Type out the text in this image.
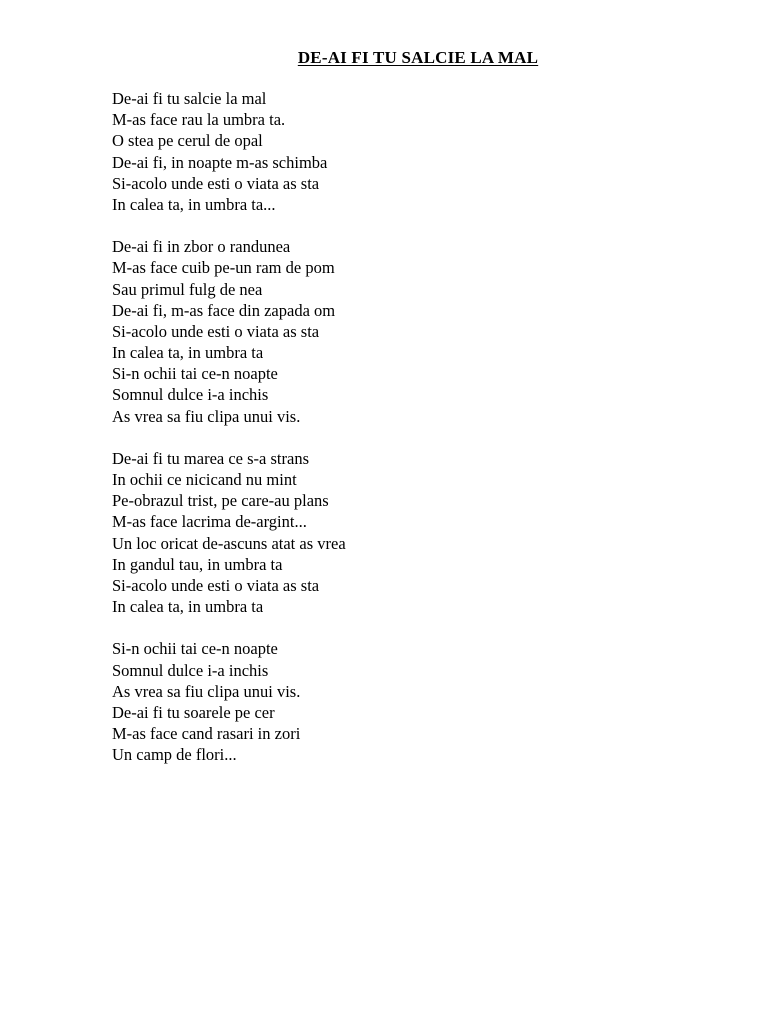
DE-AI FI TU SALCIE LA MAL
De-ai fi tu salcie la mal
M-as face rau la umbra ta.
O stea pe cerul de opal
De-ai fi, in noapte m-as schimba
Si-acolo unde esti o viata as sta
In calea ta, in umbra ta...
De-ai fi in zbor o randunea
M-as face cuib pe-un ram de pom
Sau primul fulg de nea
De-ai fi, m-as face din zapada om
Si-acolo unde esti o viata as sta
In calea ta, in umbra ta
Si-n ochii tai ce-n noapte
Somnul dulce i-a inchis
As vrea sa fiu clipa unui vis.
De-ai fi tu marea ce s-a strans
In ochii ce nicicand nu mint
Pe-obrazul trist, pe care-au plans
M-as face lacrima de-argint...
Un loc oricat de-ascuns atat as vrea
In gandul tau, in umbra ta
Si-acolo unde esti o viata as sta
In calea ta, in umbra ta
Si-n ochii tai ce-n noapte
Somnul dulce i-a inchis
As vrea sa fiu clipa unui vis.
De-ai fi tu soarele pe cer
M-as face cand rasari in zori
Un camp de flori...
